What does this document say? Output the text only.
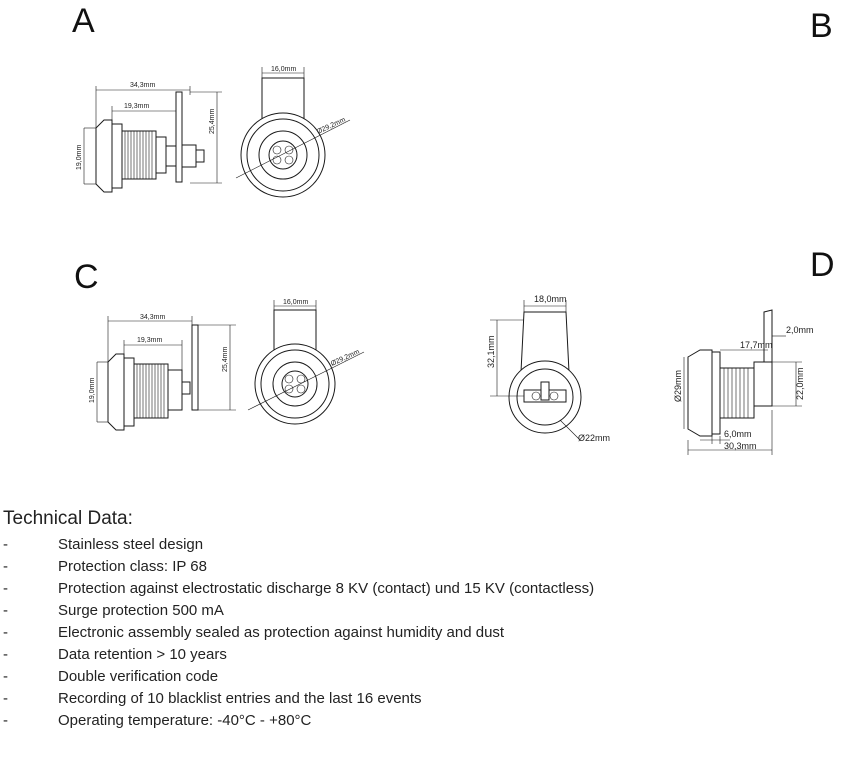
A	B
C	D
34,3mm
19,3mm
25,4mm
19,0mm
16,0mm
Ø29,2mm
34,3mm
19,3mm
25,4mm
19,0mm
16,0mm
Ø29,2mm
18,0mm
32,1mm
Ø22mm
2,0mm
17,7mm
22,0mm
Ø29mm
6,0mm
30,3mm
Technical Data:
-	Stainless steel design
-	Protection class: IP 68
-	Protection against electrostatic discharge 8 KV (contact) und 15 KV (contactless)
-	Surge protection 500 mA
-	Electronic assembly sealed as protection against humidity and dust
-	Data retention > 10 years
-	Double verification code
-	Recording of 10 blacklist entries and the last 16 events
-	Operating temperature: -40°C - +80°C
